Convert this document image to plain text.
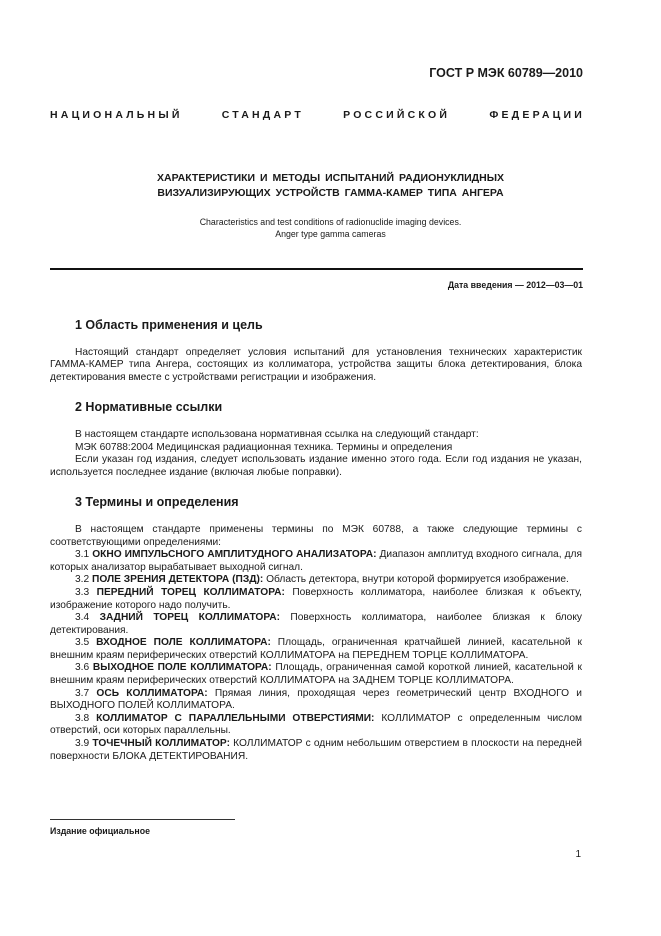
ГОСТ Р МЭК 60789—2010
НАЦИОНАЛЬНЫЙ СТАНДАРТ РОССИЙСКОЙ ФЕДЕРАЦИИ
ХАРАКТЕРИСТИКИ И МЕТОДЫ ИСПЫТАНИЙ РАДИОНУКЛИДНЫХ
ВИЗУАЛИЗИРУЮЩИХ УСТРОЙСТВ ГАММА-КАМЕР ТИПА АНГЕРА
Characteristics and test conditions of radionuclide imaging devices.
Anger type gamma cameras
Дата введения — 2012—03—01
1 Область применения и цель
Настоящий стандарт определяет условия испытаний для установления технических характеристик ГАММА-КАМЕР типа Ангера, состоящих из коллиматора, устройства защиты блока детектирования, блока детектирования вместе с устройствами регистрации и изображения.
2 Нормативные ссылки
В настоящем стандарте использована нормативная ссылка на следующий стандарт:
МЭК 60788:2004 Медицинская радиационная техника. Термины и определения
Если указан год издания, следует использовать издание именно этого года. Если год издания не указан, используется последнее издание (включая любые поправки).
3 Термины и определения
В настоящем стандарте применены термины по МЭК 60788, а также следующие термины с соответствующими определениями:
3.1 ОКНО ИМПУЛЬСНОГО АМПЛИТУДНОГО АНАЛИЗАТОРА: Диапазон амплитуд входного сигнала, для которых анализатор вырабатывает выходной сигнал.
3.2 ПОЛЕ ЗРЕНИЯ ДЕТЕКТОРА (ПЗД): Область детектора, внутри которой формируется изображение.
3.3 ПЕРЕДНИЙ ТОРЕЦ КОЛЛИМАТОРА: Поверхность коллиматора, наиболее близкая к объекту, изображение которого надо получить.
3.4 ЗАДНИЙ ТОРЕЦ КОЛЛИМАТОРА: Поверхность коллиматора, наиболее близкая к блоку детектирования.
3.5 ВХОДНОЕ ПОЛЕ КОЛЛИМАТОРА: Площадь, ограниченная кратчайшей линией, касательной к внешним краям периферических отверстий КОЛЛИМАТОРА на ПЕРЕДНЕМ ТОРЦЕ КОЛЛИМАТОРА.
3.6 ВЫХОДНОЕ ПОЛЕ КОЛЛИМАТОРА: Площадь, ограниченная самой короткой линией, касательной к внешним краям периферических отверстий КОЛЛИМАТОРА на ЗАДНЕМ ТОРЦЕ КОЛЛИМАТОРА.
3.7 ОСЬ КОЛЛИМАТОРА: Прямая линия, проходящая через геометрический центр ВХОДНОГО и ВЫХОДНОГО ПОЛЕЙ КОЛЛИМАТОРА.
3.8 КОЛЛИМАТОР С ПАРАЛЛЕЛЬНЫМИ ОТВЕРСТИЯМИ: КОЛЛИМАТОР с определенным числом отверстий, оси которых параллельны.
3.9 ТОЧЕЧНЫЙ КОЛЛИМАТОР: КОЛЛИМАТОР с одним небольшим отверстием в плоскости на передней поверхности БЛОКА ДЕТЕКТИРОВАНИЯ.
Издание официальное
1
